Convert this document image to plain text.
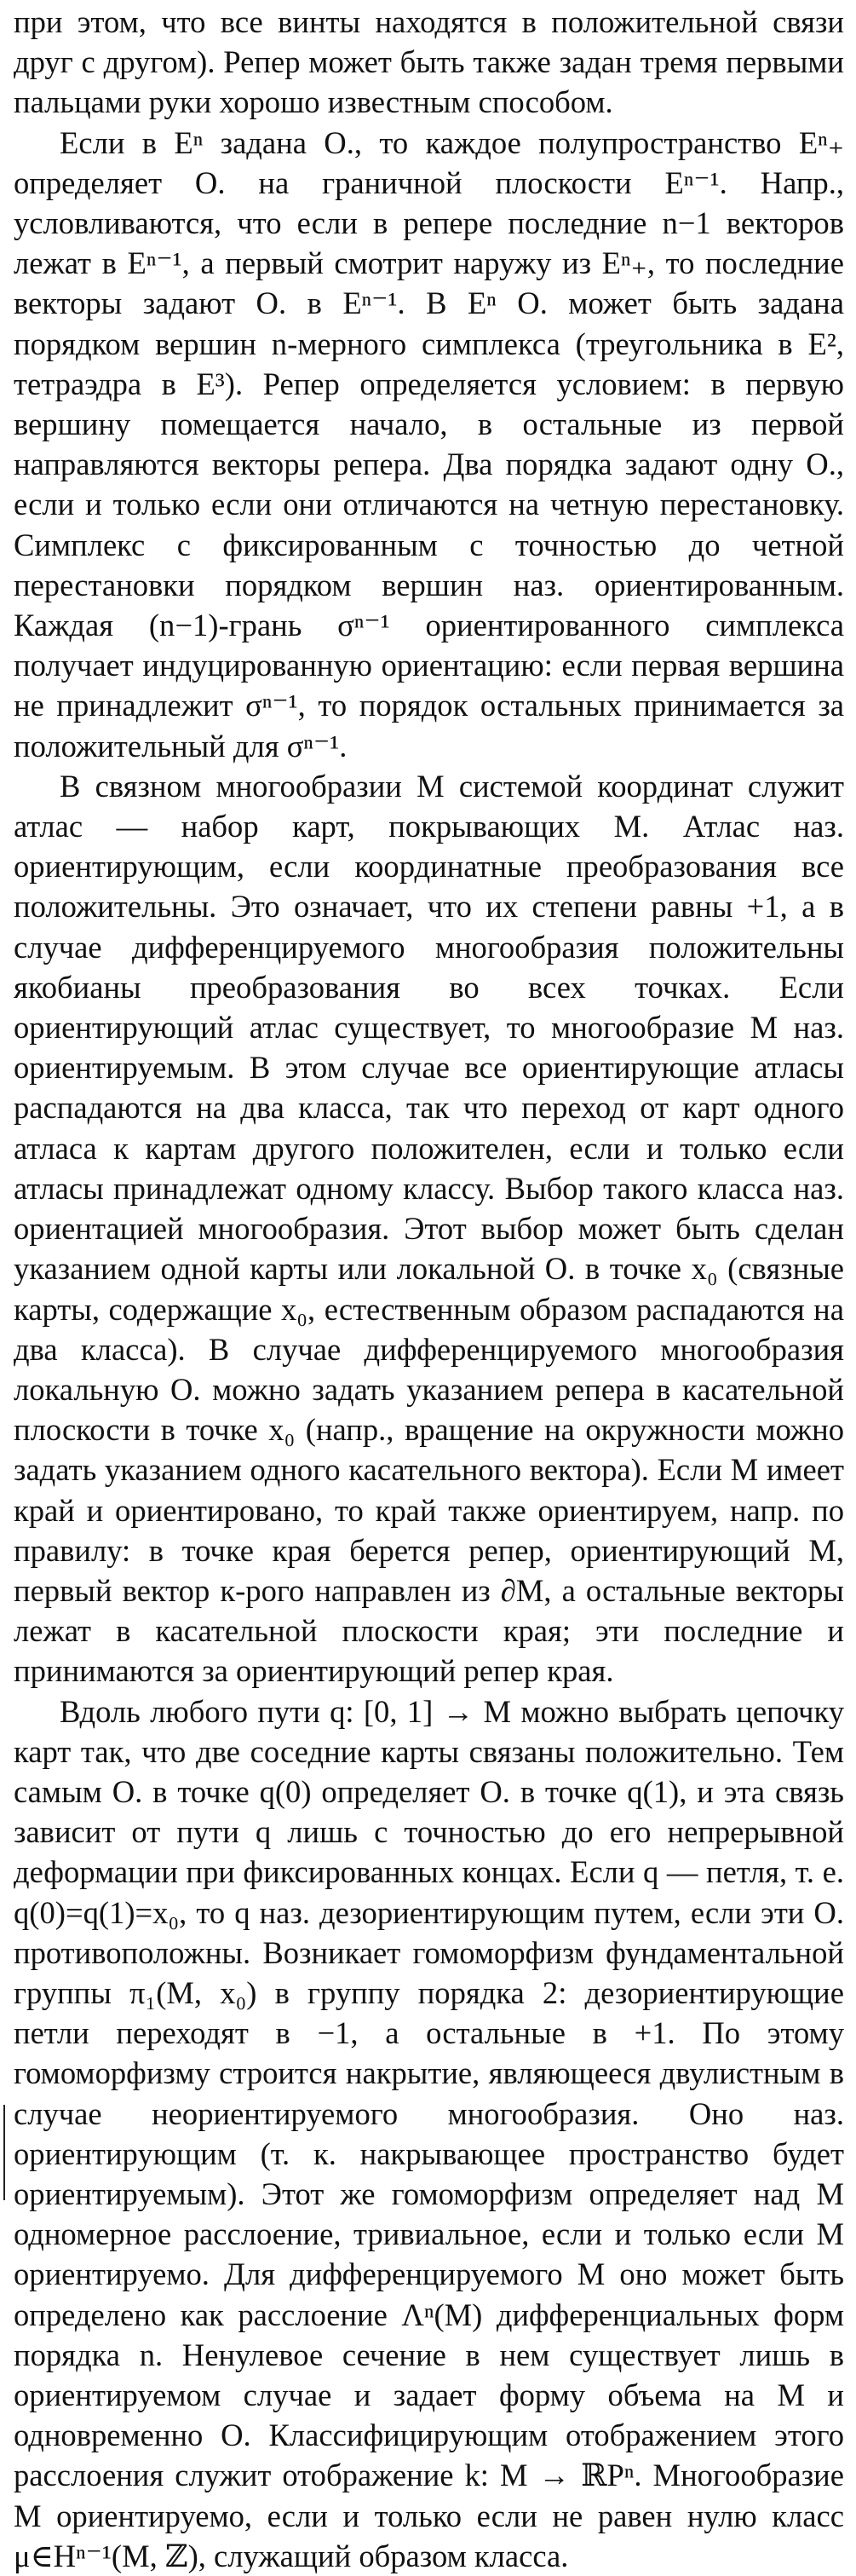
при этом, что все винты находятся в положительной связи друг с другом). Репер может быть также задан тремя первыми пальцами руки хорошо известным способом.

Если в Eⁿ задана О., то каждое полупространство Eⁿ₊ определяет О. на граничной плоскости Eⁿ⁻¹. Напр., условливаются, что если в репере последние n−1 векторов лежат в Eⁿ⁻¹, а первый смотрит наружу из Eⁿ₊, то последние векторы задают О. в Eⁿ⁻¹. В Eⁿ О. может быть задана порядком вершин n-мерного симплекса (треугольника в E², тетраэдра в E³). Репер определяется условием: в первую вершину помещается начало, в остальные из первой направляются векторы репера. Два порядка задают одну О., если и только если они отличаются на четную перестановку. Симплекс с фиксированным с точностью до четной перестановки порядком вершин наз. ориентированным. Каждая (n−1)-грань σⁿ⁻¹ ориентированного симплекса получает индуцированную ориентацию: если первая вершина не принадлежит σⁿ⁻¹, то порядок остальных принимается за положительный для σⁿ⁻¹.

В связном многообразии M системой координат служит атлас — набор карт, покрывающих M. Атлас наз. ориентирующим, если координатные преобразования все положительны. Это означает, что их степени равны +1, а в случае дифференцируемого многообразия положительны якобианы преобразования во всех точках. Если ориентирующий атлас существует, то многообразие M наз. ориентируемым. В этом случае все ориентирующие атласы распадаются на два класса, так что переход от карт одного атласа к картам другого положителен, если и только если атласы принадлежат одному классу. Выбор такого класса наз. ориентацией многообразия. Этот выбор может быть сделан указанием одной карты или локальной О. в точке x₀ (связные карты, содержащие x₀, естественным образом распадаются на два класса). В случае дифференцируемого многообразия локальную О. можно задать указанием репера в касательной плоскости в точке x₀ (напр., вращение на окружности можно задать указанием одного касательного вектора). Если M имеет край и ориентировано, то край также ориентируем, напр. по правилу: в точке края берется репер, ориентирующий M, первый вектор к-рого направлен из ∂M, а остальные векторы лежат в касательной плоскости края; эти последние и принимаются за ориентирующий репер края.

Вдоль любого пути q: [0, 1] → M можно выбрать цепочку карт так, что две соседние карты связаны положительно. Тем самым О. в точке q(0) определяет О. в точке q(1), и эта связь зависит от пути q лишь с точностью до его непрерывной деформации при фиксированных концах. Если q — петля, т. е. q(0)=q(1)=x₀, то q наз. дезориентирующим путем, если эти О. противоположны. Возникает гомоморфизм фундаментальной группы π₁(M, x₀) в группу порядка 2: дезориентирующие петли переходят в −1, а остальные в +1. По этому гомоморфизму строится накрытие, являющееся двулистным в случае неориентируемого многообразия. Оно наз. ориентирующим (т. к. накрывающее пространство будет ориентируемым). Этот же гомоморфизм определяет над M одномерное расслоение, тривиальное, если и только если M ориентируемо. Для дифференцируемого M оно может быть определено как расслоение Λⁿ(M) дифференциальных форм порядка n. Ненулевое сечение в нем существует лишь в ориентируемом случае и задает форму объема на M и одновременно О. Классифицирующим отображением этого расслоения служит отображение k: M → ℝPⁿ. Многообразие M ориентируемо, если и только если не равен нулю класс μ∈Hⁿ⁻¹(M, ℤ), служащий образом класса.
